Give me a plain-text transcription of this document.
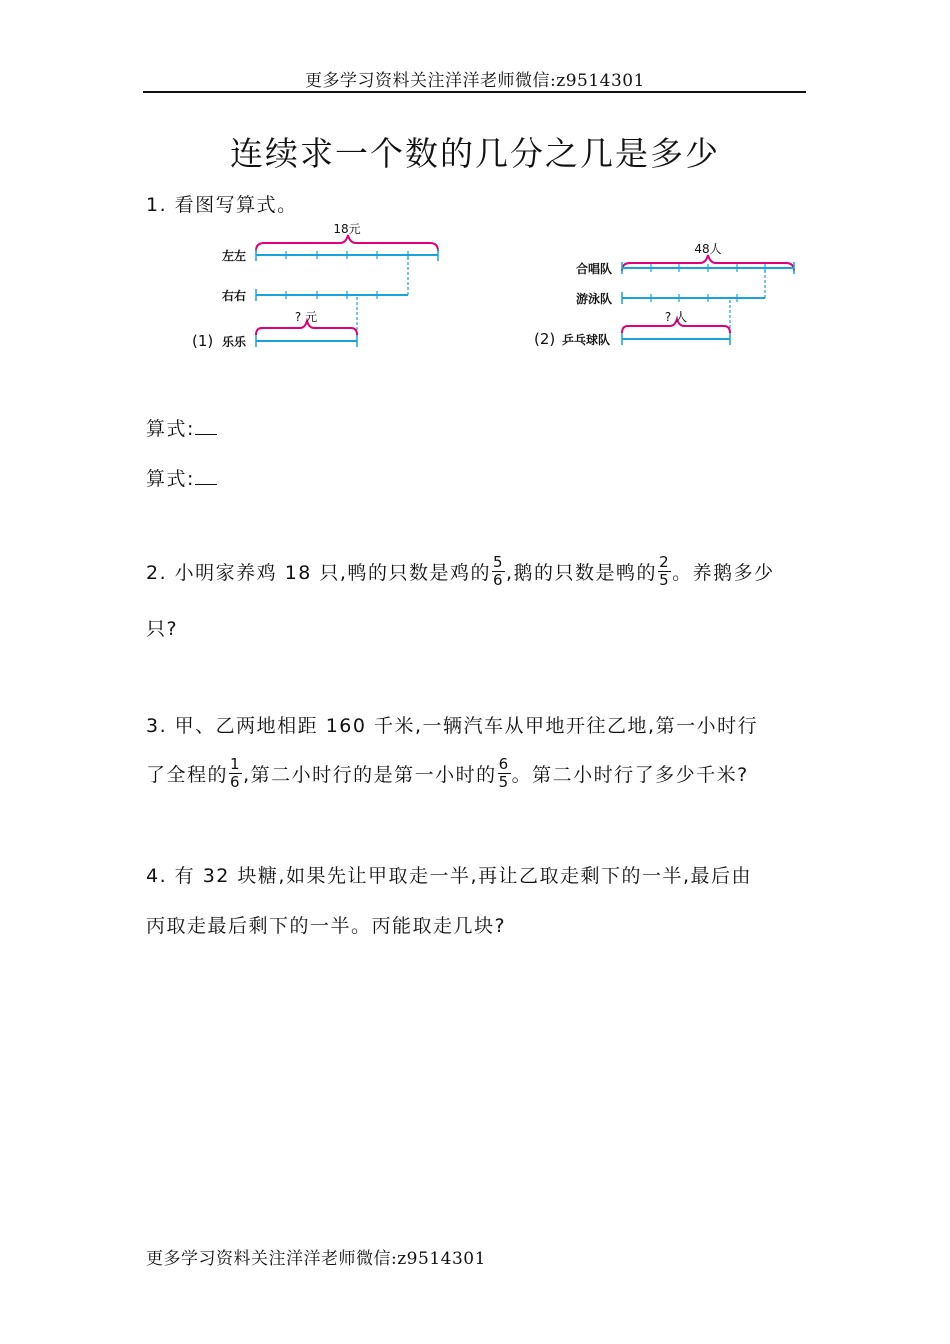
更多学习资料关注洋洋老师微信:z9514301
连续求一个数的几分之几是多少
1. 看图写算式。
18元
左左
右右
? 元
(1) 乐乐
48人
合唱队
游泳队
? 人
(2) 乒乓球队
算式:
算式:
2. 小明家养鸡 18 只,鸭的只数是鸡的 $\frac{5}{6}$ ,鹅的只数是鸭的 $\frac{2}{5}$ 。养鹅多少
只?
3. 甲、乙两地相距 160 千米,一辆汽车从甲地开往乙地,第一小时行
了全程的 $\frac{1}{6}$ ,第二小时行的是第一小时的 $\frac{6}{5}$ 。第二小时行了多少千米?
4. 有 32 块糖,如果先让甲取走一半,再让乙取走剩下的一半,最后由
丙取走最后剩下的一半。丙能取走几块?
更多学习资料关注洋洋老师微信:z9514301
